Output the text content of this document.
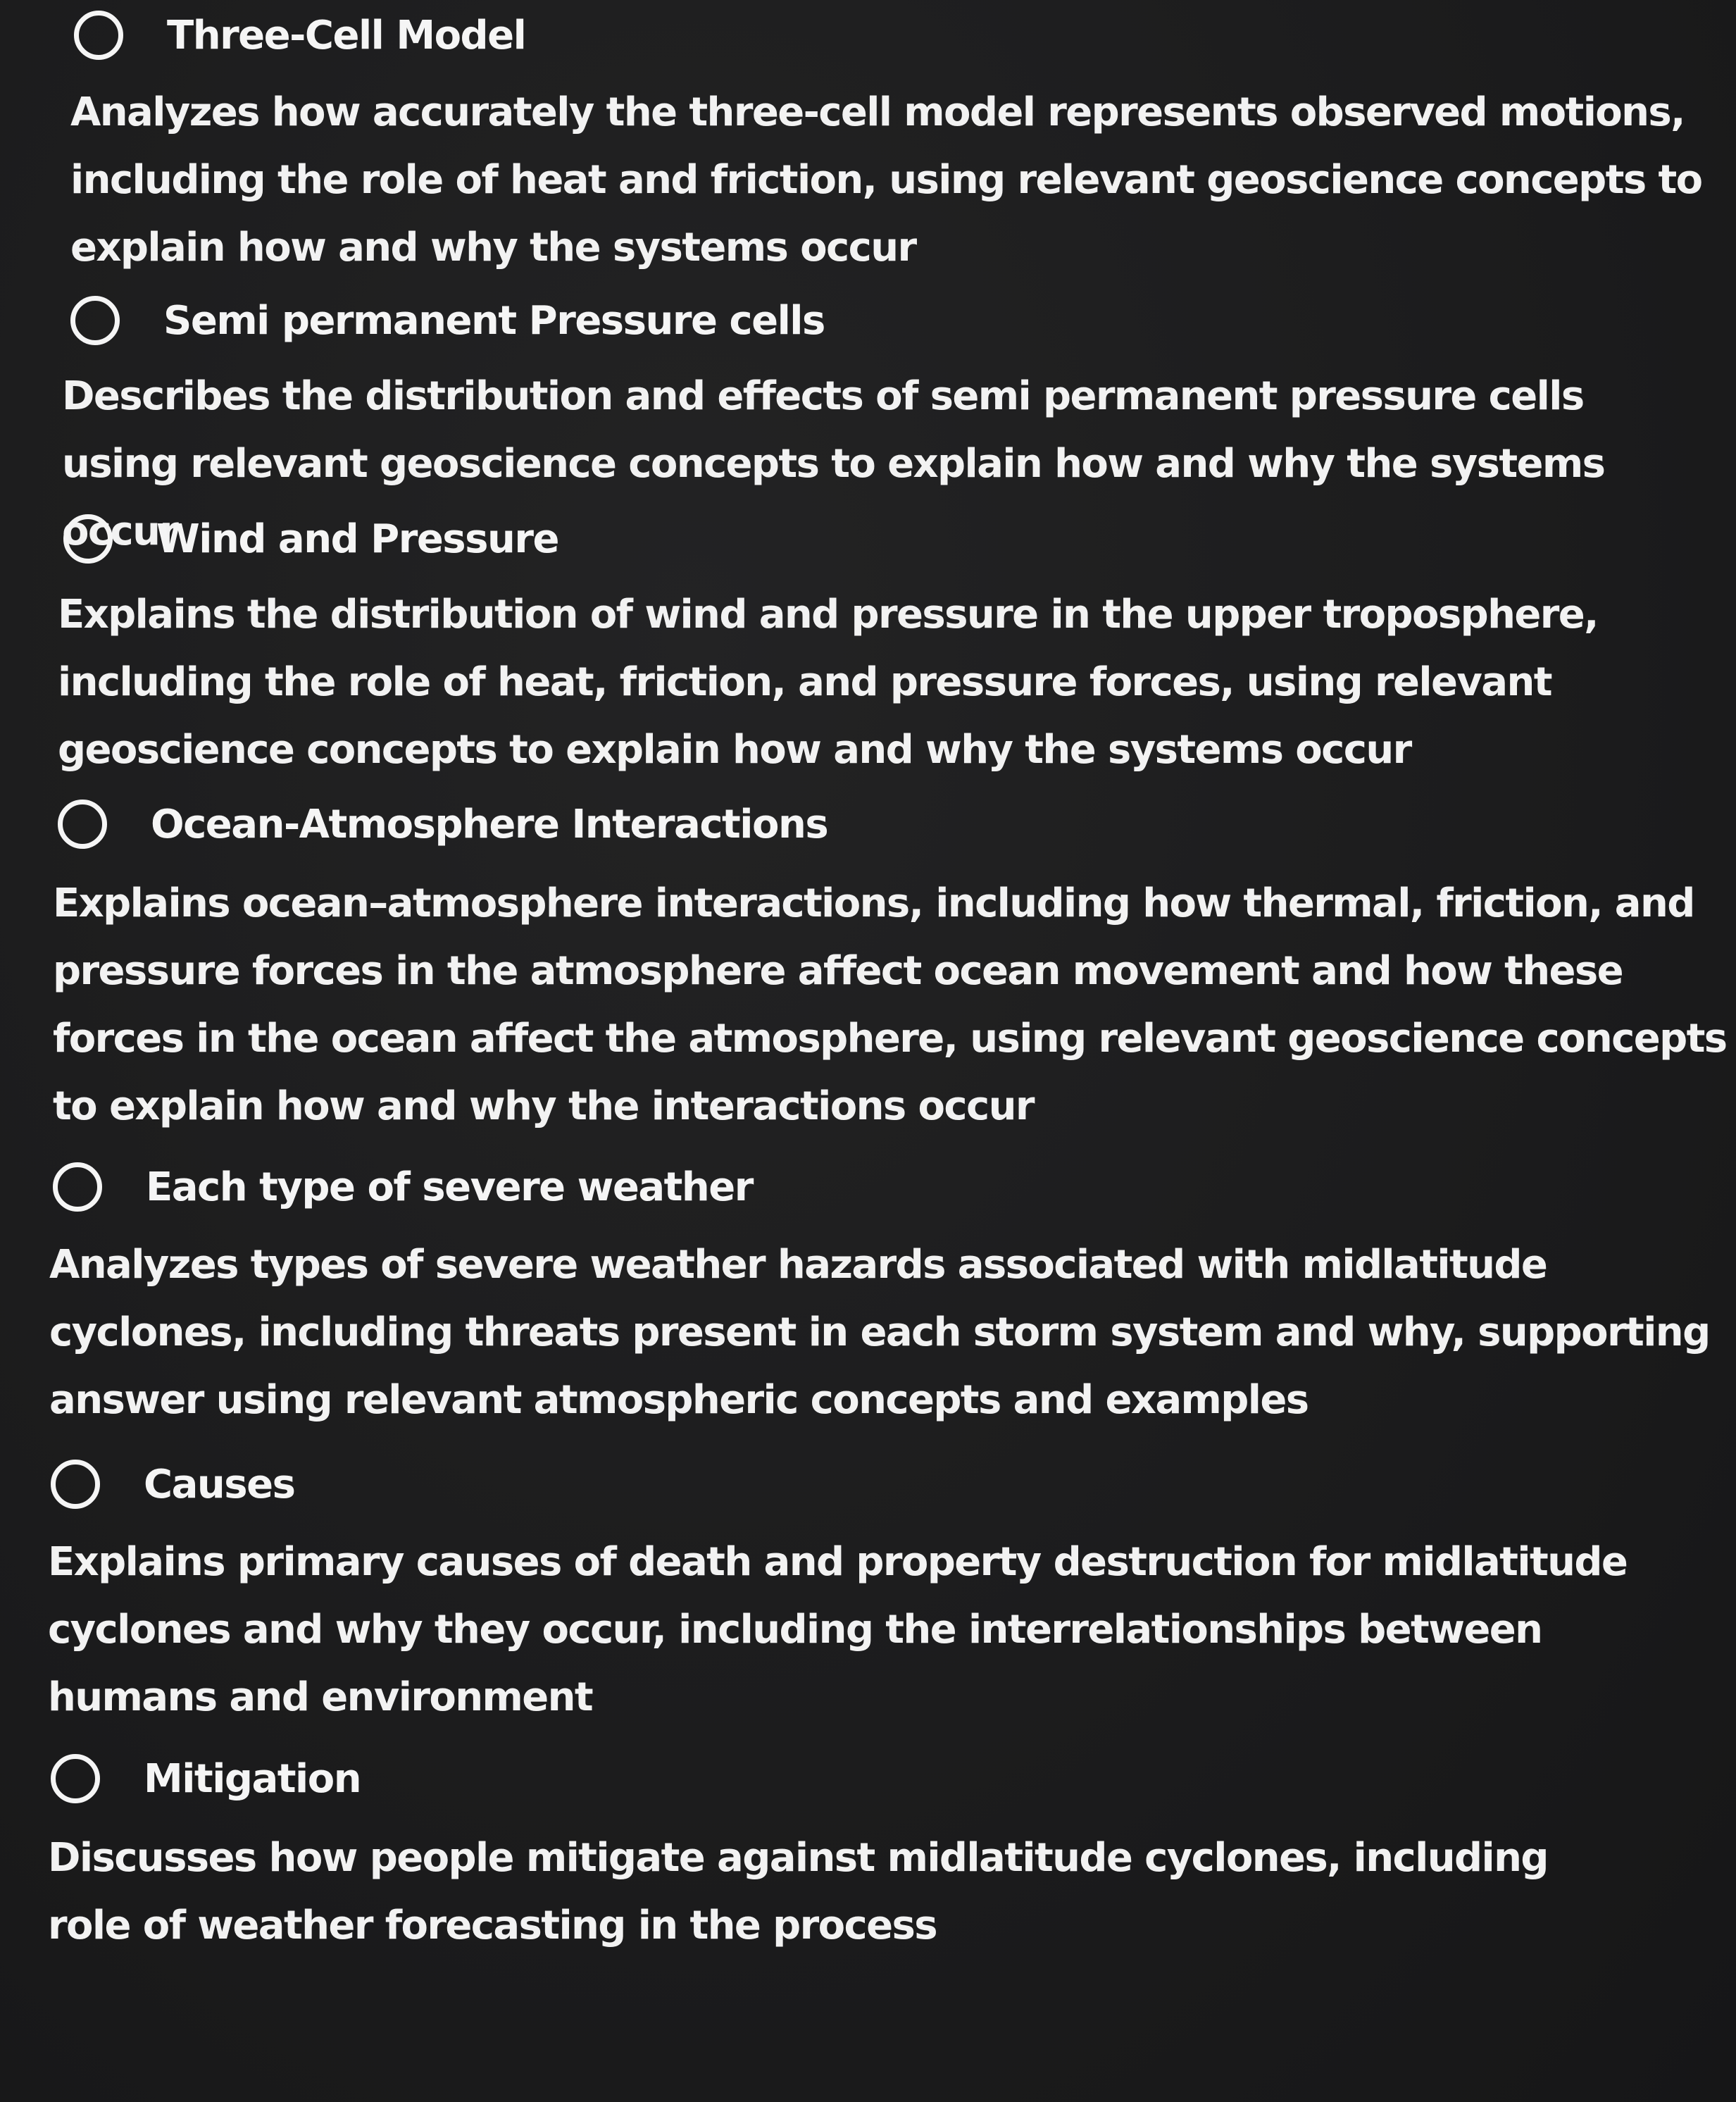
Three-Cell Model
Analyzes how accurately the three-cell model represents observed motions, including the role of heat and friction, using relevant geoscience concepts to explain how and why the systems occur
Semi permanent Pressure cells
Describes the distribution and effects of semi permanent pressure cells using relevant geoscience concepts to explain how and why the systems occur
Wind and Pressure
Explains the distribution of wind and pressure in the upper troposphere, including the role of heat, friction, and pressure forces, using relevant geoscience concepts to explain how and why the systems occur
Ocean-Atmosphere Interactions
Explains ocean–atmosphere interactions, including how thermal, friction, and pressure forces in the atmosphere affect ocean movement and how these forces in the ocean affect the atmosphere, using relevant geoscience concepts to explain how and why the interactions occur
Each type of severe weather
Analyzes types of severe weather hazards associated with midlatitude cyclones, including threats present in each storm system and why, supporting answer using relevant atmospheric concepts and examples
Causes
Explains primary causes of death and property destruction for midlatitude cyclones and why they occur, including the interrelationships between humans and environment
Mitigation
Discusses how people mitigate against midlatitude cyclones, including role of weather forecasting in the process
